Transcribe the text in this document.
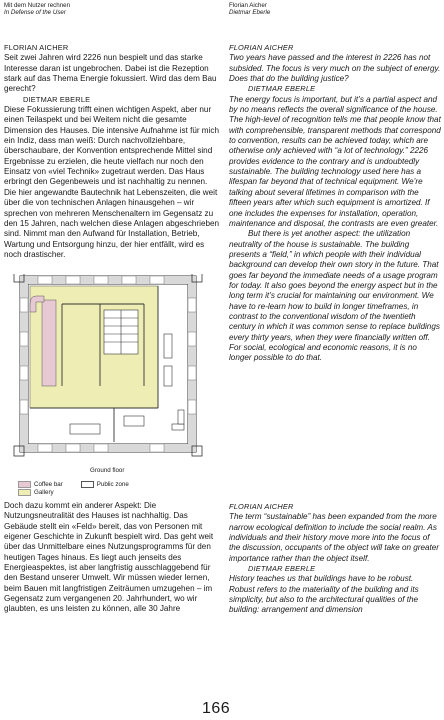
Mit dem Nutzer rechnen
In Defense of the User
Florian Aicher
Dietmar Eberle
FLORIAN AICHER

Seit zwei Jahren wird 2226 nun bespielt und das starke Interesse daran ist ungebrochen. Dabei ist die Rezeption stark auf das Thema Energie fokussiert. Wird das dem Bau gerecht?

DIETMAR EBERLE

Diese Fokussierung trifft einen wichtigen Aspekt, aber nur einen Teilaspekt und bei Weitem nicht die gesamte Dimension des Hauses. Die intensive Aufnahme ist für mich ein Indiz, dass man weiß: Durch nachvollziehbare, überschaubare, der Konvention entsprechende Mittel sind Ergebnisse zu erzielen, die heute vielfach nur noch den Einsatz von «viel Technik» zugetraut werden. Das Haus erbringt den Gegenbeweis und ist nachhaltig zu nennen. Die hier angewandte Bautechnik hat Lebenszeiten, die weit über die von technischen Anlagen hinausgehen – wir sprechen von mehreren Menschenaltern im Gegensatz zu den 15 Jahren, nach welchen diese Anlagen abgeschrieben sind. Nimmt man den Aufwand für Installation, Betrieb, Wartung und Entsorgung hinzu, der hier entfällt, wird es noch drastischer.

Ground floor
Coffee bar	Public zone
Gallery

Doch dazu kommt ein anderer Aspekt: Die Nutzungsneutralität des Hauses ist nachhaltig. Das Gebäude stellt ein «Feld» bereit, das von Personen mit eigener Geschichte in Zukunft bespielt wird. Das geht weit über das Unmittelbare eines Nutzungsprogramms für den heutigen Tages hinaus. Es liegt auch jenseits des Energieaspektes, ist aber langfristig ausschlaggebend für den Bestand unserer Umwelt. Wir müssen wieder lernen, beim Bauen mit langfristigen Zeiträumen umzugehen – im Gegensatz zum vergangenen 20. Jahrhundert, wo wir glaubten, es uns leisten zu können, alle 30 Jahre

FLORIAN AICHER

Two years have passed and the interest in 2226 has not subsided. The focus is very much on the subject of energy. Does that do the building justice?

DIETMAR EBERLE

The energy focus is important, but it’s a partial aspect and by no means reflects the overall significance of the house. The high-level of recognition tells me that people know that with comprehensible, transparent methods that correspond to convention, results can be achieved today, which are otherwise only achieved with “a lot of technology.” 2226 provides evidence to the contrary and is undoubtedly sustainable. The building technology used here has a lifespan far beyond that of technical equipment. We’re talking about several lifetimes in comparison with the fifteen years after which such equipment is amortized. If one includes the expenses for installation, operation, maintenance and disposal, the contrasts are even greater.

But there is yet another aspect: the utilization neutrality of the house is sustainable. The building presents a “field,” in which people with their individual background can develop their own story in the future. That goes far beyond the immediate needs of a usage program for today. It also goes beyond the energy aspect but in the long term it’s crucial for maintaining our environment. We have to re-learn how to build in longer timeframes, in contrast to the conventional wisdom of the twentieth century in which it was common sense to replace buildings every thirty years, when they were financially written off. For social, ecological and economic reasons, it is no longer possible to do that.

FLORIAN AICHER

The term “sustainable” has been expanded from the more narrow ecological definition to include the social realm. As individuals and their history move more into the focus of the discussion, occupants of the object will take on greater importance rather than the object itself.

DIETMAR EBERLE

History teaches us that buildings have to be robust. Robust refers to the materiality of the building and its simplicity, but also to the architectural qualities of the building: arrangement and dimension

166
